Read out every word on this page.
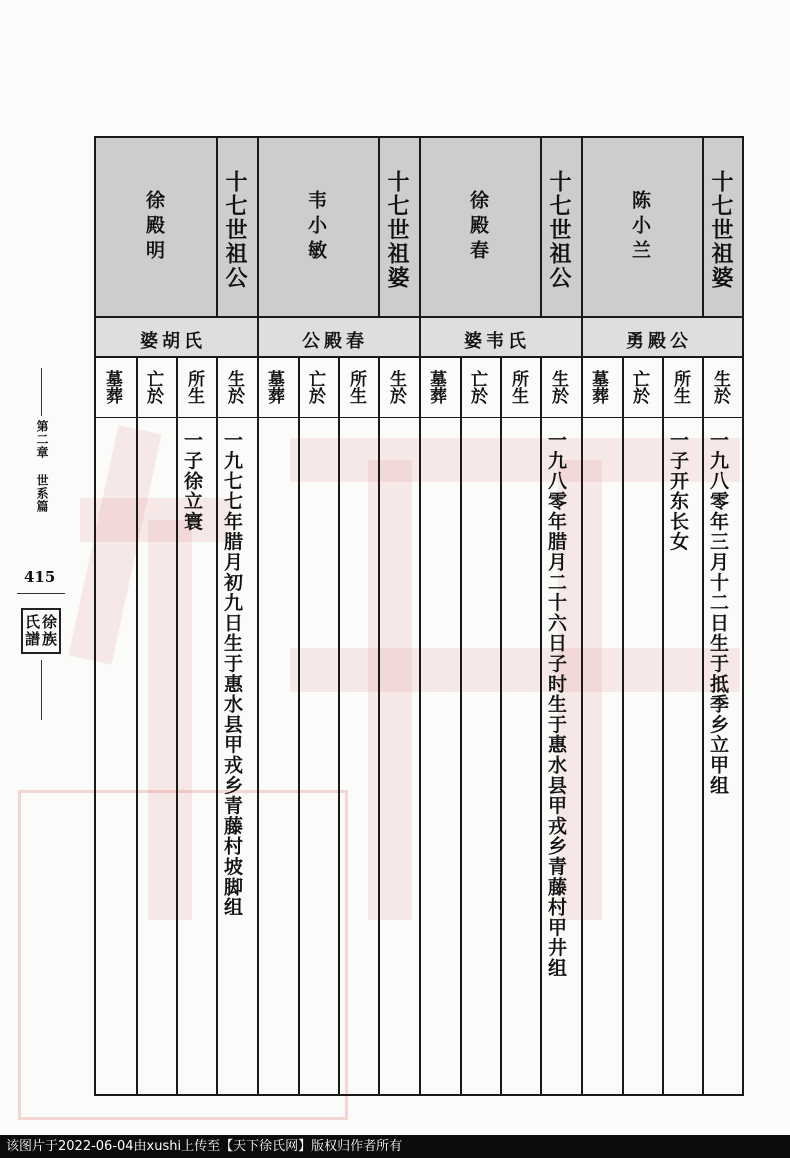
第二章 世系篇
415
氏 徐
譜 族
十七世祖婆
陈小兰
勇殿公
生於
所生
亡於
墓葬
一九八零年三月十二日生于抵季乡立甲组
一子开东长女
十七世祖公
徐殿春
婆韦氏
生於
所生
亡於
墓葬
一九八零年腊月二十六日子时生于惠水县甲戎乡青藤村甲井组
十七世祖婆
韦小敏
公殿春
生於
所生
亡於
墓葬
十七世祖公
徐殿明
婆胡氏
生於
所生
亡於
墓葬
一九七七年腊月初九日生于惠水县甲戎乡青藤村坡脚组
一子徐立寰
该图片于2022-06-04由xushi上传至【天下徐氏网】版权归作者所有
